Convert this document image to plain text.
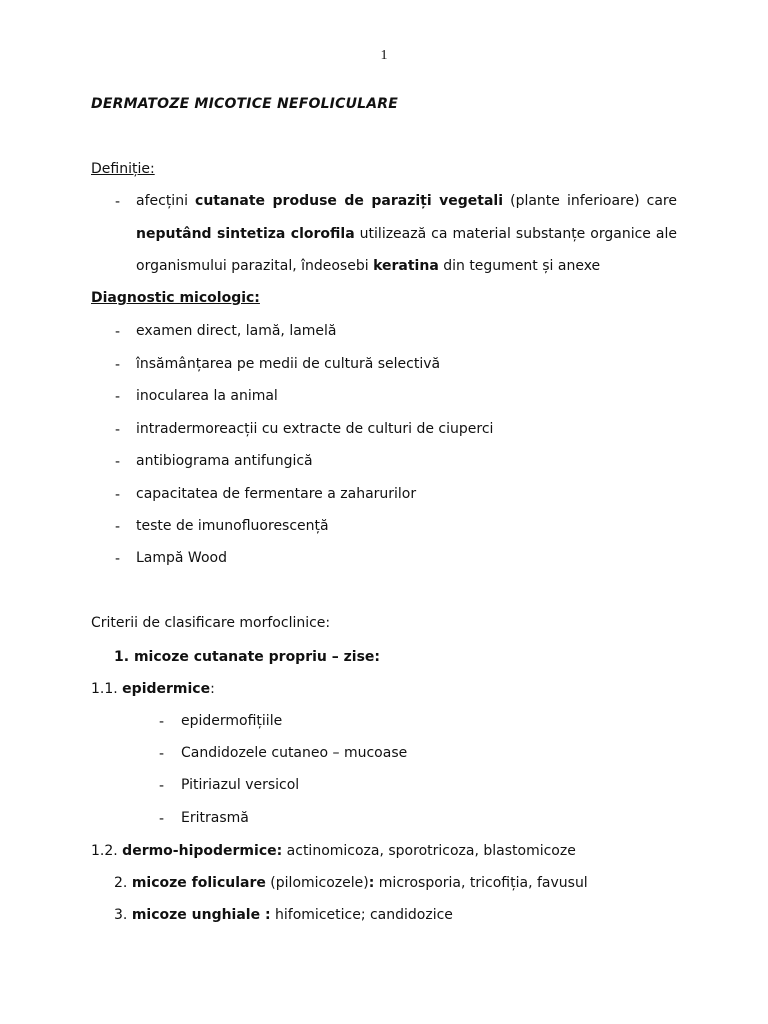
1
DERMATOZE MICOTICE NEFOLICULARE
Definiție:
- afecțini cutanate produse de paraziți vegetali (plante inferioare) care
neputând sintetiza clorofila utilizează ca material substanțe organice ale
organismului parazital, îndeosebi keratina din tegument și anexe
Diagnostic micologic:
- examen direct, lamă, lamelă
- însămânțarea pe medii de cultură selectivă
- inocularea la animal
- intradermoreacții cu extracte de culturi de ciuperci
- antibiograma antifungică
- capacitatea de fermentare a zaharurilor
- teste de imunofluorescență
- Lampă Wood
Criterii de clasificare morfoclinice:
1. micoze cutanate propriu – zise:
1.1. epidermice:
- epidermofițiile
- Candidozele cutaneo – mucoase
- Pitiriazul versicol
- Eritrasmă
1.2. dermo-hipodermice: actinomicoza, sporotricoza, blastomicoze
2. micoze foliculare (pilomicozele): microsporia, tricofiția, favusul
3. micoze unghiale : hifomicetice; candidozice
